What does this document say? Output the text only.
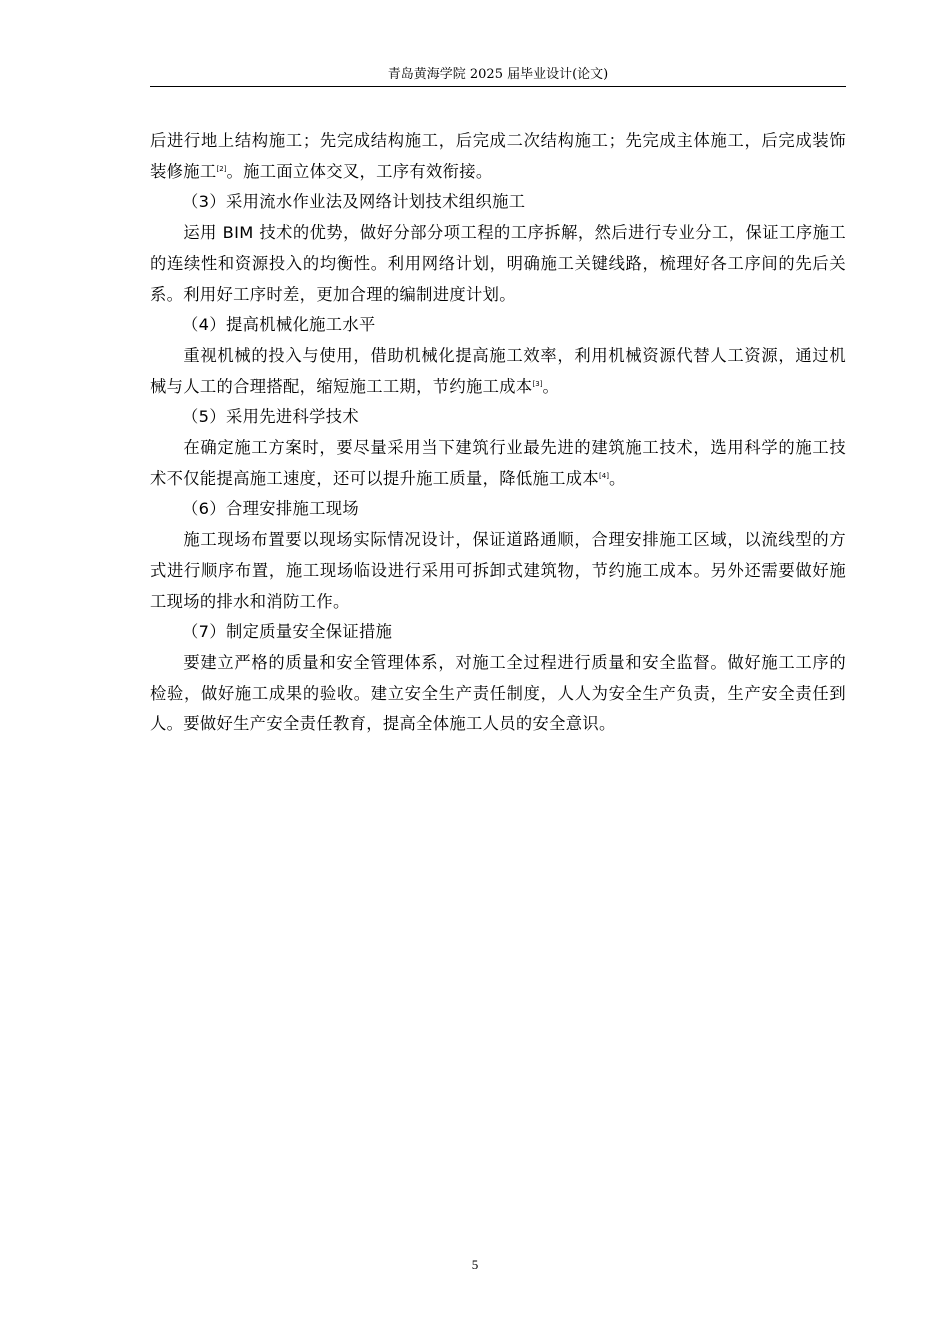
青岛黄海学院 2025 届毕业设计(论文)

后进行地上结构施工；先完成结构施工，后完成二次结构施工；先完成主体施工，后完成装饰装修施工[2]。施工面立体交叉，工序有效衔接。

（3）采用流水作业法及网络计划技术组织施工

运用 BIM 技术的优势，做好分部分项工程的工序拆解，然后进行专业分工，保证工序施工的连续性和资源投入的均衡性。利用网络计划，明确施工关键线路，梳理好各工序间的先后关系。利用好工序时差，更加合理的编制进度计划。

（4）提高机械化施工水平

重视机械的投入与使用，借助机械化提高施工效率，利用机械资源代替人工资源，通过机械与人工的合理搭配，缩短施工工期，节约施工成本[3]。

（5）采用先进科学技术

在确定施工方案时，要尽量采用当下建筑行业最先进的建筑施工技术，选用科学的施工技术不仅能提高施工速度，还可以提升施工质量，降低施工成本[4]。

（6）合理安排施工现场

施工现场布置要以现场实际情况设计，保证道路通顺，合理安排施工区域，以流线型的方式进行顺序布置，施工现场临设进行采用可拆卸式建筑物，节约施工成本。另外还需要做好施工现场的排水和消防工作。

（7）制定质量安全保证措施

要建立严格的质量和安全管理体系，对施工全过程进行质量和安全监督。做好施工工序的检验，做好施工成果的验收。建立安全生产责任制度，人人为安全生产负责，生产安全责任到人。要做好生产安全责任教育，提高全体施工人员的安全意识。

5
